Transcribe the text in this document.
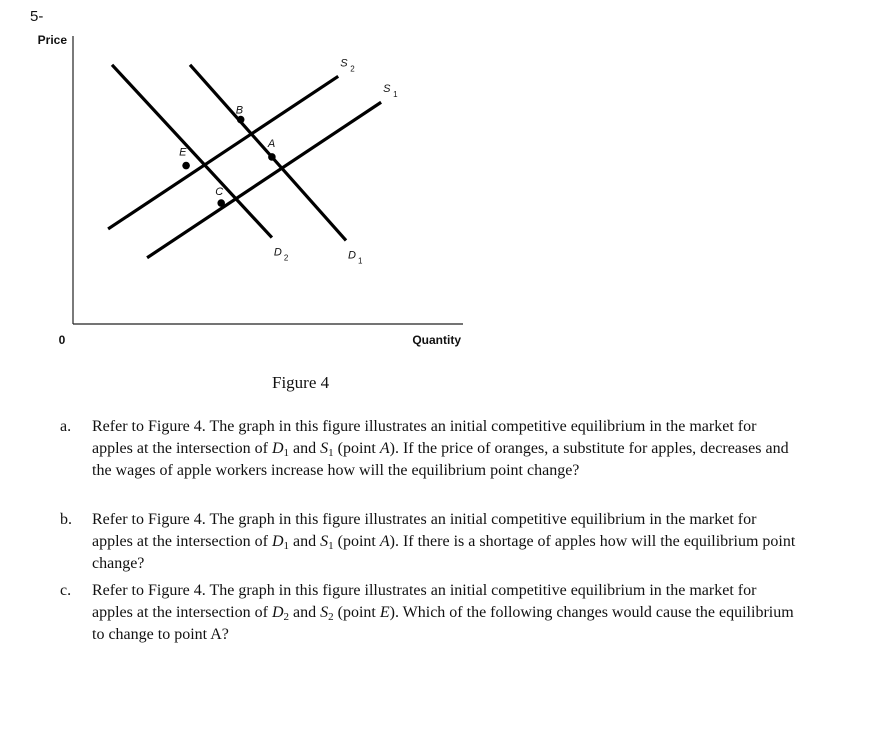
5-
Price
Quantity
0
D 1
D 2
S 1
S 2
A
B
C
E
Figure 4
a.	Refer to Figure 4. The graph in this figure illustrates an initial competitive equilibrium in the market for apples at the intersection of $D_1$ and $S_1$ (point A). If the price of oranges, a substitute for apples, decreases and the wages of apple workers increase how will the equilibrium point change?
b.	Refer to Figure 4. The graph in this figure illustrates an initial competitive equilibrium in the market for apples at the intersection of $D_1$ and $S_1$ (point A). If there is a shortage of apples how will the equilibrium point change?
c.	Refer to Figure 4. The graph in this figure illustrates an initial competitive equilibrium in the market for apples at the intersection of $D_2$ and $S_2$ (point E). Which of the following changes would cause the equilibrium to change to point A?
